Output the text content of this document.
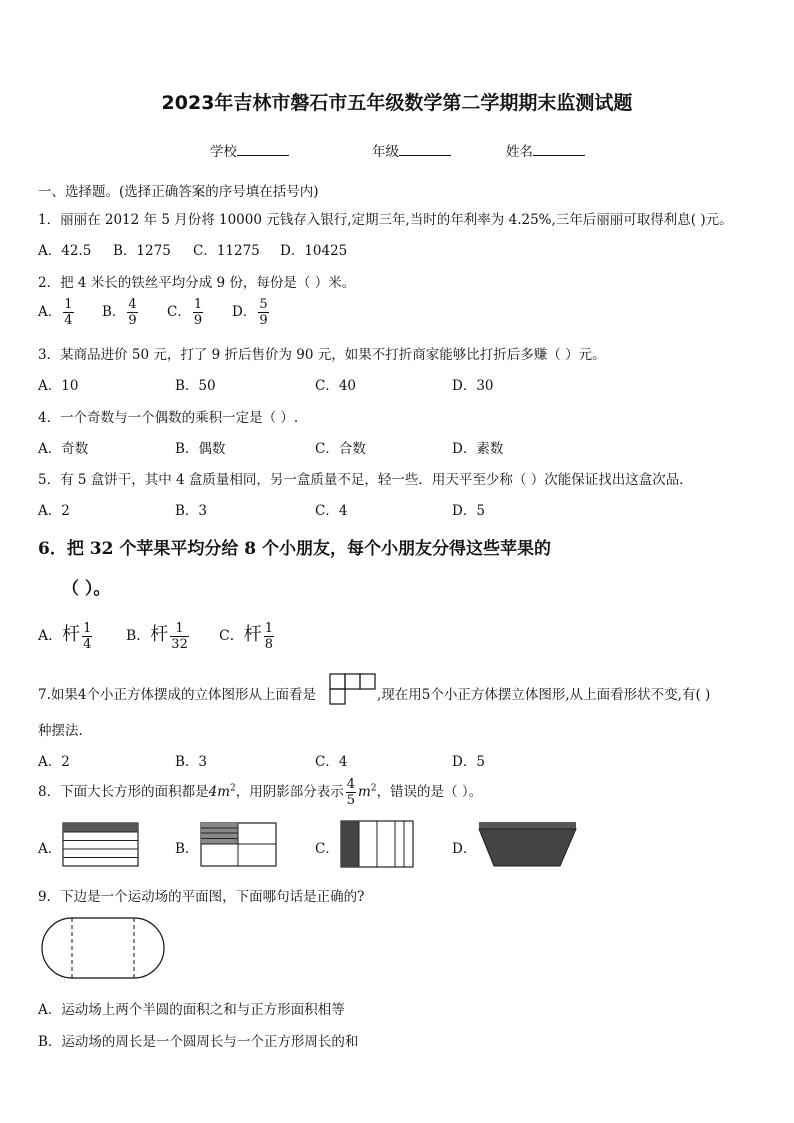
2023年吉林市磐石市五年级数学第二学期期末监测试题
学校	年级	姓名
一、选择题。(选择正确答案的序号填在括号内)
1．丽丽在 2012 年 5 月份将 10000 元钱存入银行,定期三年,当时的年利率为 4.25%,三年后丽丽可取得利息( )元。
A．42.5 B．1275 C．11275 D．10425
2．把 4 米长的铁丝平均分成 9 份，每份是（ ）米。
A． $\frac{1}{4}$ B． $\frac{4}{9}$ C． $\frac{1}{9}$ D． $\frac{5}{9}$
3．某商品进价 50 元，打了 9 折后售价为 90 元，如果不打折商家能够比打折后多赚（ ）元。
A．10	B．50	C．40	D．30
4．一个奇数与一个偶数的乘积一定是（ ）.
A．奇数	B．偶数	C．合数	D．素数
5．有 5 盒饼干，其中 4 盒质量相同，另一盒质量不足，轻一些．用天平至少称（ ）次能保证找出这盒次品．
A．2	B．3	C．4	D．5
6．把 32 个苹果平均分给 8 个小朋友，每个小朋友分得这些苹果的
（ ）。
A．杆 $\frac{1}{4}$ B．杆 $\frac{1}{32}$ C．杆 $\frac{1}{8}$
7.如果4个小正方体摆成的立体图形从上面看是	,现在用5个小正方体摆立体图形,从上面看形状不变,有( )
种摆法.
A．2	B．3	C．4	D．5
8．下面大长方形的面积都是$4m^2$，用阴影部分表示 $\frac{4}{5} m^2$，错误的是（ ）。
A．	B．	C．	D．
9．下边是一个运动场的平面图，下面哪句话是正确的?
A．运动场上两个半圆的面积之和与正方形面积相等
B．运动场的周长是一个圆周长与一个正方形周长的和
